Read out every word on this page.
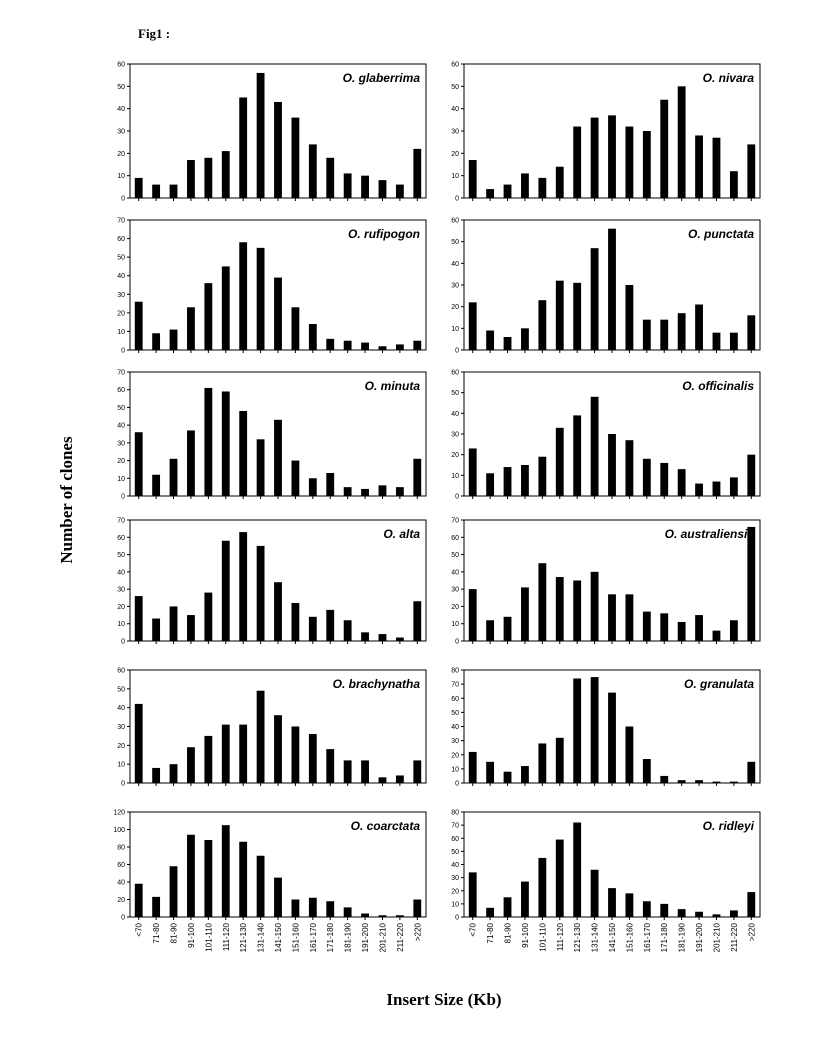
Fig1 :
Number of clones
Insert Size (Kb)
0
10
20
30
40
50
60
O. glaberrima
0
10
20
30
40
50
60
O. nivara
0
10
20
30
40
50
60
70
O. rufipogon
0
10
20
30
40
50
60
O. punctata
0
10
20
30
40
50
60
70
O. minuta
0
10
20
30
40
50
60
O. officinalis
0
10
20
30
40
50
60
70
O. alta
0
10
20
30
40
50
60
70
O. australiensis
0
10
20
30
40
50
60
O. brachynatha
0
10
20
30
40
50
60
70
80
O. granulata
0
20
40
60
80
100
120
O. coarctata
<70 71-80 81-90 91-100 101-110 111-120 121-130 131-140 141-150 151-160 161-170 171-180 181-190 191-200 201-210 211-220 >220
0
10
20
30
40
50
60
70
80
O. ridleyi
<70 71-80 81-90 91-100 101-110 111-120 121-130 131-140 141-150 151-160 161-170 171-180 181-190 191-200 201-210 211-220 >220
